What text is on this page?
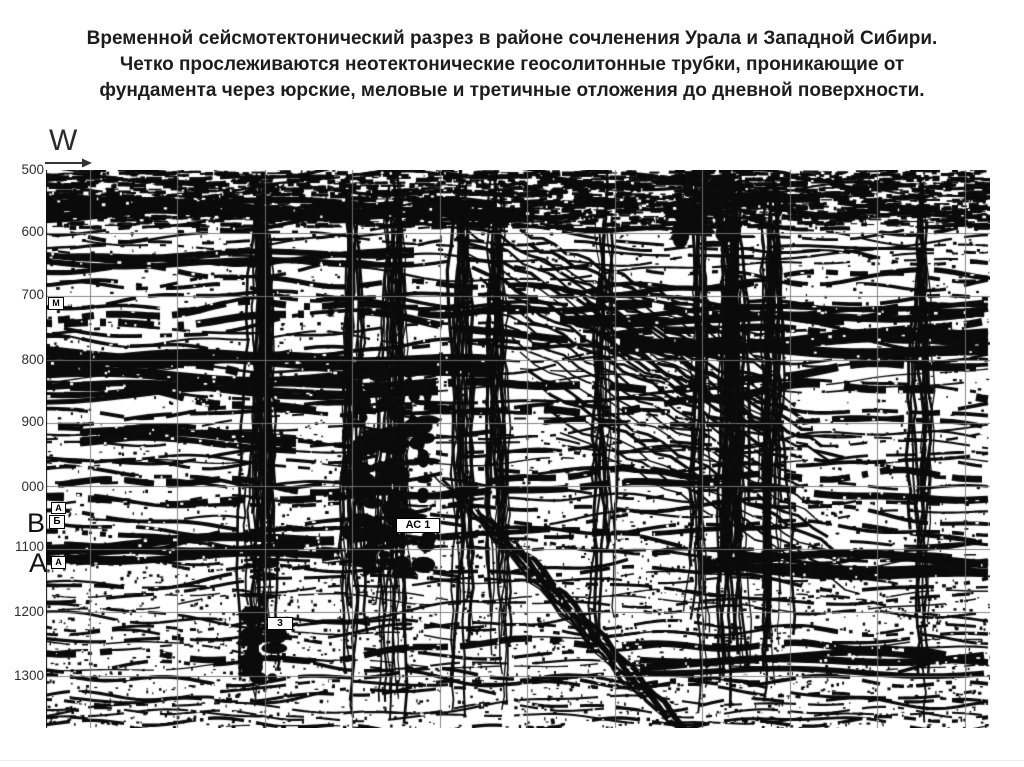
Временной сейсмотектонический разрез в районе сочленения Урала и Западной Сибири.
Четко прослеживаются неотектонические геосолитонные трубки, проникающие от
фундамента через юрские, меловые и третичные отложения до дневной поверхности.
W
500
600
700
800
900
000
1100
1200
1300
В
А
А
Б
М
А
АС 1
3
